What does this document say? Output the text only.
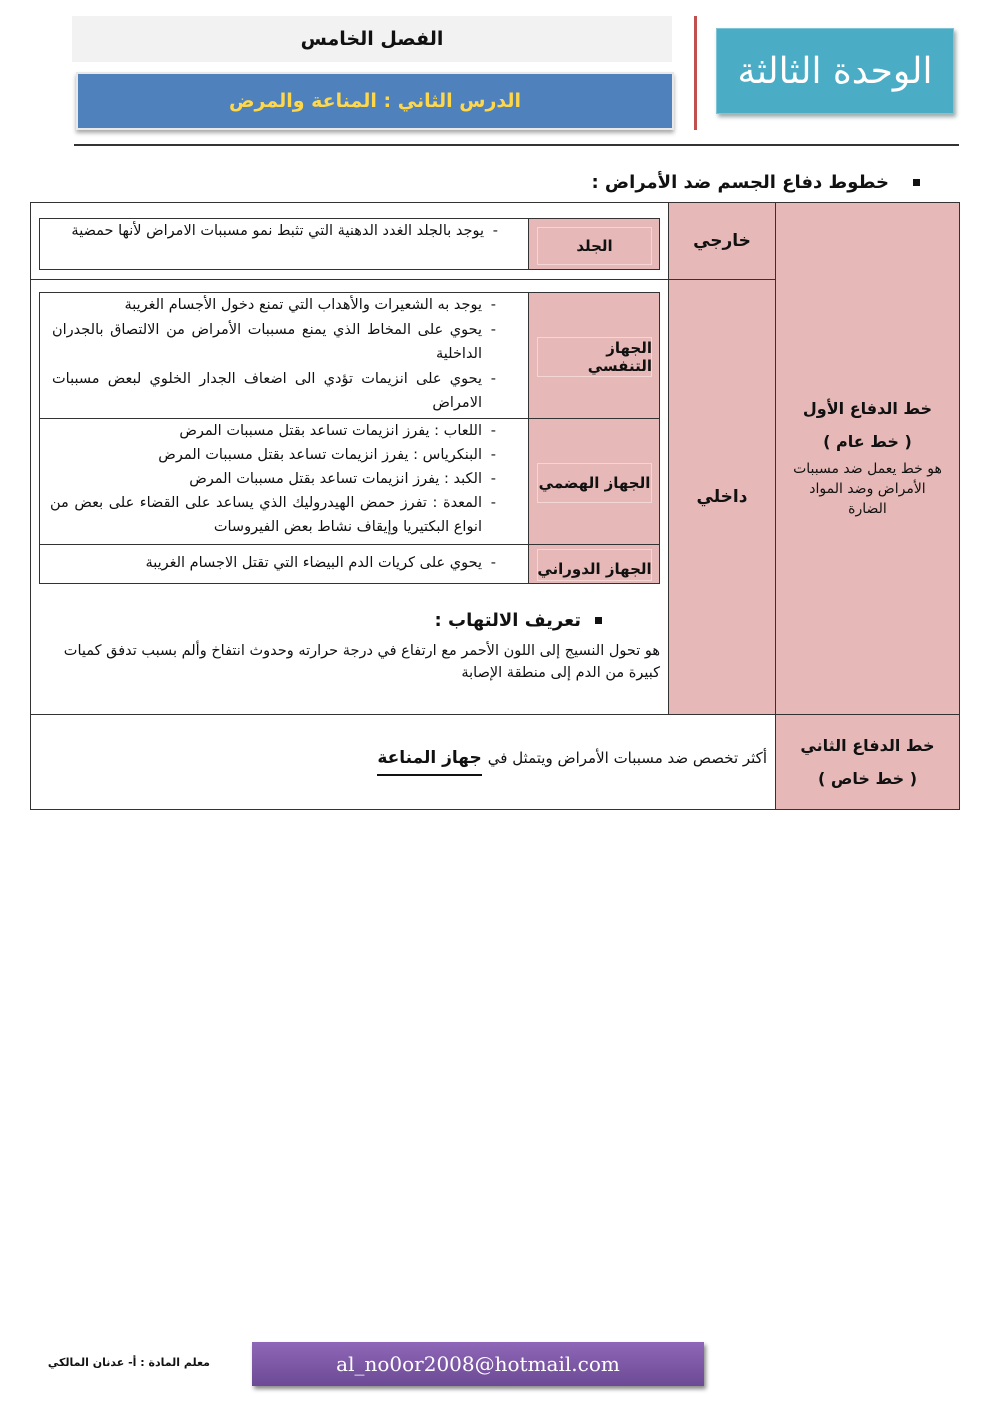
الوحدة الثالثة
الفصل الخامس
الدرس الثاني : المناعة والمرض
خطوط دفاع الجسم ضد الأمراض :
خط الدفاع الأول
( خط عام )
هو خط يعمل ضد مسببات الأمراض وضد المواد الضارة
خارجي
داخلي
الجلد
- يوجد بالجلد الغدد الدهنية التي تثبط نمو مسببات الامراض لأنها حمضية
الجهاز التنفسي
- يوجد به الشعيرات والأهداب التي تمنع دخول الأجسام الغريبة
- يحوي على المخاط الذي يمنع مسببات الأمراض من الالتصاق بالجدران الداخلية
- يحوي على انزيمات تؤدي الى اضعاف الجدار الخلوي لبعض مسببات الامراض
الجهاز الهضمي
- اللعاب : يفرز انزيمات تساعد بقتل مسببات المرض
- البنكرياس : يفرز انزيمات تساعد بقتل مسببات المرض
- الكبد : يفرز انزيمات تساعد بقتل مسببات المرض
- المعدة : تفرز حمض الهيدروليك الذي يساعد على القضاء على بعض من انواع البكتيريا وإيقاف نشاط بعض الفيروسات
الجهاز الدوراني
- يحوي على كريات الدم البيضاء التي تقتل الاجسام الغريبة
تعريف الالتهاب :
هو تحول النسيج إلى اللون الأحمر مع ارتفاع في درجة حرارته وحدوث انتفاخ وألم بسبب تدفق كميات كبيرة من الدم إلى منطقة الإصابة
خط الدفاع الثاني
( خط خاص )
أكثر تخصص ضد مسببات الأمراض ويتمثل في
جهاز المناعة
al_no0or2008@hotmail.com
معلم المادة : أ- عدنان المالكي
